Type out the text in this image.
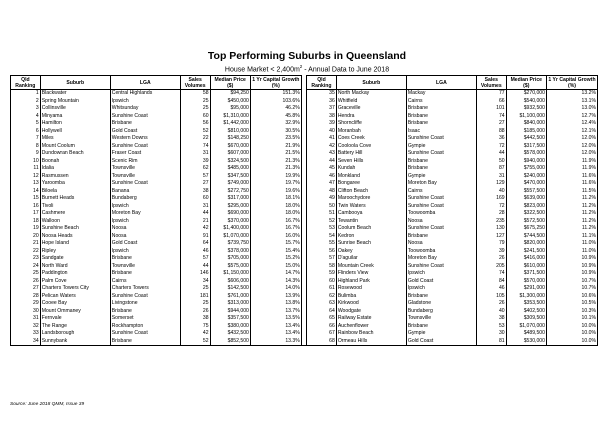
Top Performing Suburbs in Queensland
House Market < $2,400m^2$ - Annual Data to June 2018
Qld Ranking	Suburb	LGA	Sales Volumes	Median Price ($)	1 Yr Capital Growth (%)		Qld Ranking	Suburb	LGA	Sales Volumes	Median Price ($)	1 Yr Capital Growth (%)
1	Blackwater	Central Highlands	58	$94,250	151.3%		35	North Mackay	Mackay	77	$270,000	13.2%
2	Spring Mountain	Ipswich	25	$450,000	103.6%		36	Whitfield	Cairns	66	$540,000	13.1%
3	Collinsville	Whitsunday	25	$95,000	46.2%		37	Graceville	Brisbane	101	$932,500	13.0%
4	Minyama	Sunshine Coast	60	$1,310,000	45.8%		38	Hendra	Brisbane	74	$1,100,000	12.7%
5	Hamilton	Brisbane	56	$1,442,000	32.9%		39	Shorncliffe	Brisbane	27	$840,000	12.4%
6	Hollywell	Gold Coast	52	$810,000	30.5%		40	Moranbah	Isaac	88	$185,000	12.1%
7	Miles	Western Downs	22	$148,250	23.5%		41	Coes Creek	Sunshine Coast	36	$442,500	12.0%
8	Mount Coolum	Sunshine Coast	74	$670,000	21.9%		42	Cooloola Cove	Gympie	72	$317,500	12.0%
9	Dundowran Beach	Fraser Coast	31	$607,000	21.5%		43	Battery Hill	Sunshine Coast	44	$578,000	12.0%
10	Boonah	Scenic Rim	39	$324,500	21.3%		44	Seven Hills	Brisbane	50	$940,000	11.9%
11	Idalia	Townsville	62	$485,000	21.3%		45	Kundah	Brisbane	87	$755,000	11.9%
12	Rasmussen	Townsville	57	$347,500	19.9%		46	Monkland	Gympie	31	$240,000	11.6%
13	Yaroomba	Sunshine Coast	27	$749,000	19.7%		47	Bongaree	Moreton Bay	129	$470,000	11.6%
14	Biloela	Banana	38	$272,750	19.6%		48	Clifton Beach	Cairns	40	$557,500	11.5%
15	Burnett Heads	Bundaberg	60	$317,000	18.1%		49	Maroochydore	Sunshine Coast	169	$639,000	11.2%
16	Tivoli	Ipswich	31	$295,000	18.0%		50	Twin Waters	Sunshine Coast	72	$823,000	11.2%
17	Cashmere	Moreton Bay	44	$690,000	18.0%		51	Cambooya	Toowoomba	28	$322,500	11.2%
18	Walloon	Ipswich	21	$370,000	16.7%		52	Tewantin	Noosa	235	$572,500	11.2%
19	Sunshine Beach	Noosa	42	$1,400,000	16.7%		53	Coolum Beach	Sunshine Coast	130	$675,250	11.2%
20	Noosa Heads	Noosa	91	$1,070,000	16.0%		54	Kedron	Brisbane	127	$744,500	11.1%
21	Hope Island	Gold Coast	64	$739,750	15.7%		55	Sunrise Beach	Noosa	79	$820,000	11.0%
22	Ripley	Ipswich	46	$378,000	15.4%		56	Oakey	Toowoomba	39	$241,500	11.0%
23	Sandgate	Brisbane	57	$705,000	15.2%		57	D'aguilar	Moreton Bay	26	$416,000	10.9%
24	North Ward	Townsville	44	$575,000	15.0%		58	Mountain Creek	Sunshine Coast	205	$610,000	10.9%
25	Paddington	Brisbane	146	$1,150,000	14.7%		59	Flinders View	Ipswich	74	$371,500	10.9%
26	Palm Cove	Cairns	34	$606,000	14.3%		60	Highland Park	Gold Coast	84	$570,000	10.7%
27	Charters Towers City	Charters Towers	25	$142,500	14.0%		61	Rosewood	Ipswich	46	$291,000	10.7%
28	Pelican Waters	Sunshine Coast	181	$761,000	13.9%		62	Bulimba	Brisbane	105	$1,300,000	10.6%
29	Cooee Bay	Livingstone	25	$313,000	13.8%		63	Kirkwood	Gladstone	26	$353,500	10.5%
30	Mount Ommaney	Brisbane	26	$944,000	13.7%		64	Woodgate	Bundaberg	40	$402,500	10.3%
31	Fernvale	Somerset	38	$357,500	13.5%		65	Railway Estate	Townsville	38	$309,500	10.1%
32	The Range	Rockhampton	75	$380,000	13.4%		66	Auchenflower	Brisbane	53	$1,070,000	10.0%
33	Landsborough	Sunshine Coast	42	$432,500	13.4%		67	Rainbow Beach	Gympie	30	$489,500	10.0%
34	Sunnybank	Brisbane	52	$852,500	13.3%		68	Ormeau Hills	Gold Coast	81	$530,000	10.0%
Source: June 2018 QMM, Issue 39
